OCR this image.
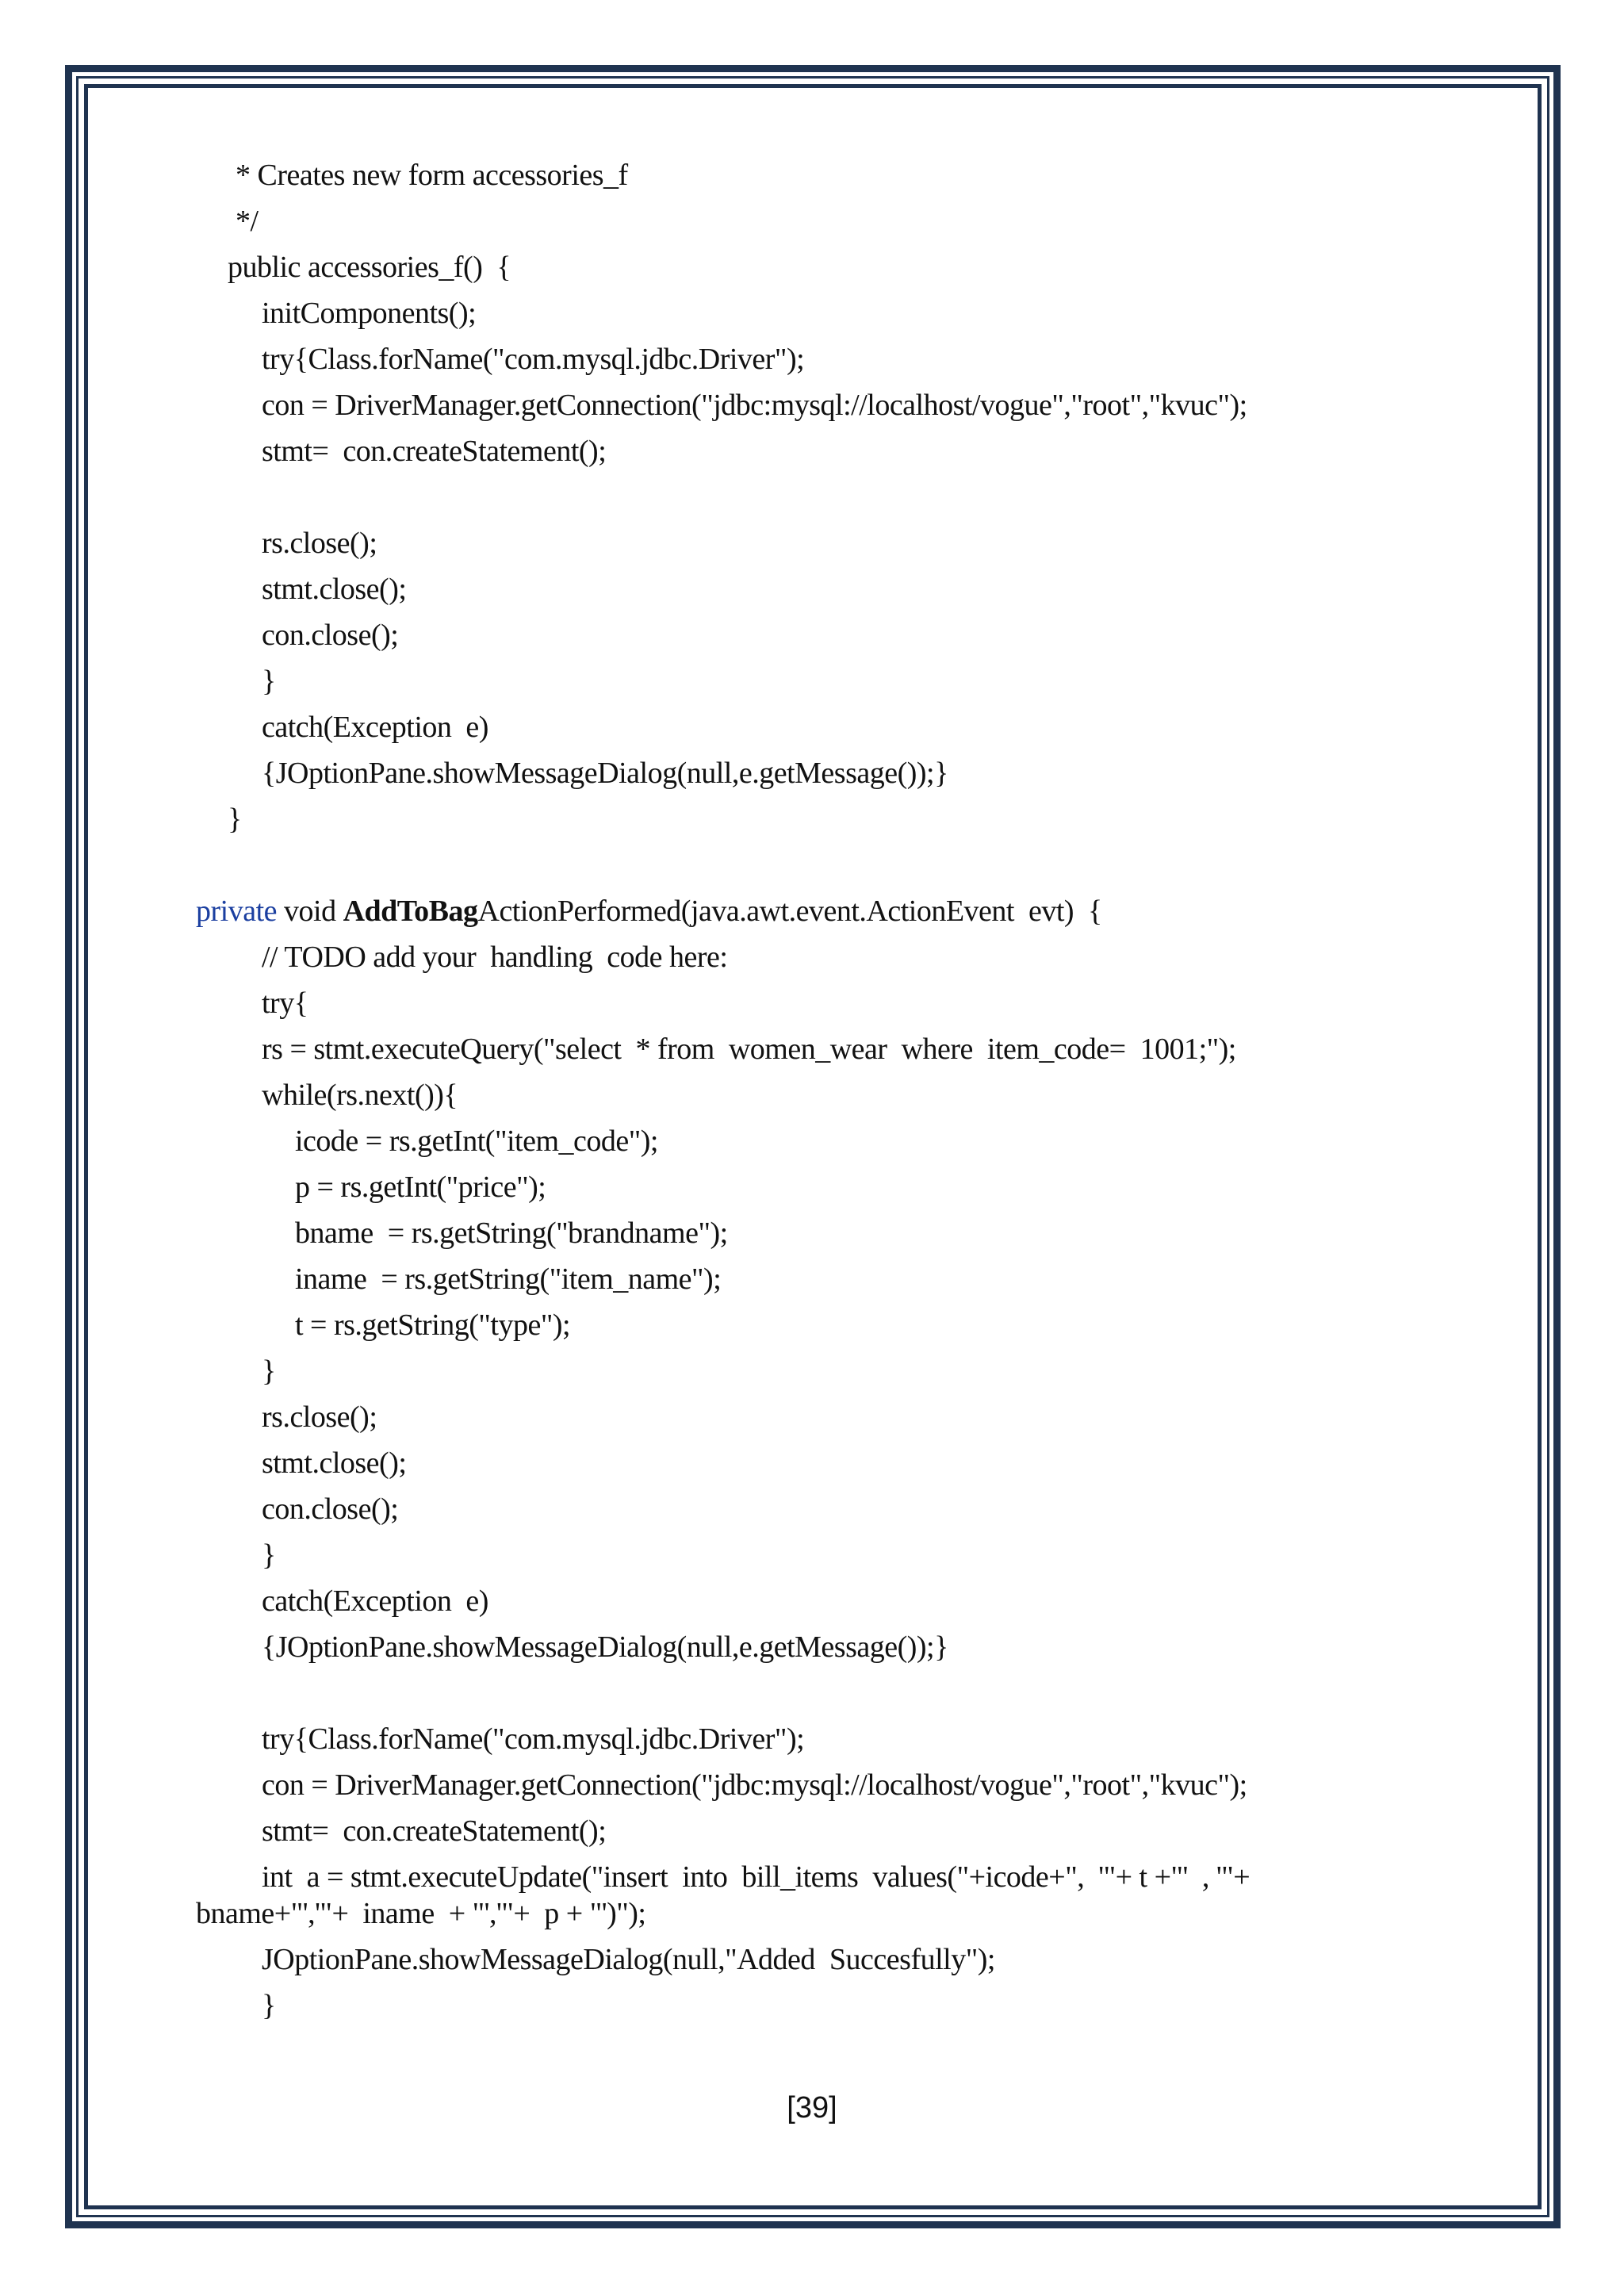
* Creates new form accessories_f
*/
public accessories_f()  {
initComponents();
try{Class.forName("com.mysql.jdbc.Driver");
con = DriverManager.getConnection("jdbc:mysql://localhost/vogue","root","kvuc");
stmt=  con.createStatement();
rs.close();
stmt.close();
con.close();
}
catch(Exception  e)
{JOptionPane.showMessageDialog(null,e.getMessage());}
}
private void AddToBagActionPerformed(java.awt.event.ActionEvent  evt)  {
// TODO add your  handling  code here:
try{
rs = stmt.executeQuery("select  * from  women_wear  where  item_code=  1001;");
while(rs.next()){
icode = rs.getInt("item_code");
p = rs.getInt("price");
bname  = rs.getString("brandname");
iname  = rs.getString("item_name");
t = rs.getString("type");
}
rs.close();
stmt.close();
con.close();
}
catch(Exception  e)
{JOptionPane.showMessageDialog(null,e.getMessage());}
try{Class.forName("com.mysql.jdbc.Driver");
con = DriverManager.getConnection("jdbc:mysql://localhost/vogue","root","kvuc");
stmt=  con.createStatement();
int  a = stmt.executeUpdate("insert  into  bill_items  values("+icode+",  '"+ t +"'  , '"+
bname+"','"+  iname  + "','"+  p + "')");
JOptionPane.showMessageDialog(null,"Added  Succesfully");
}
[39]
